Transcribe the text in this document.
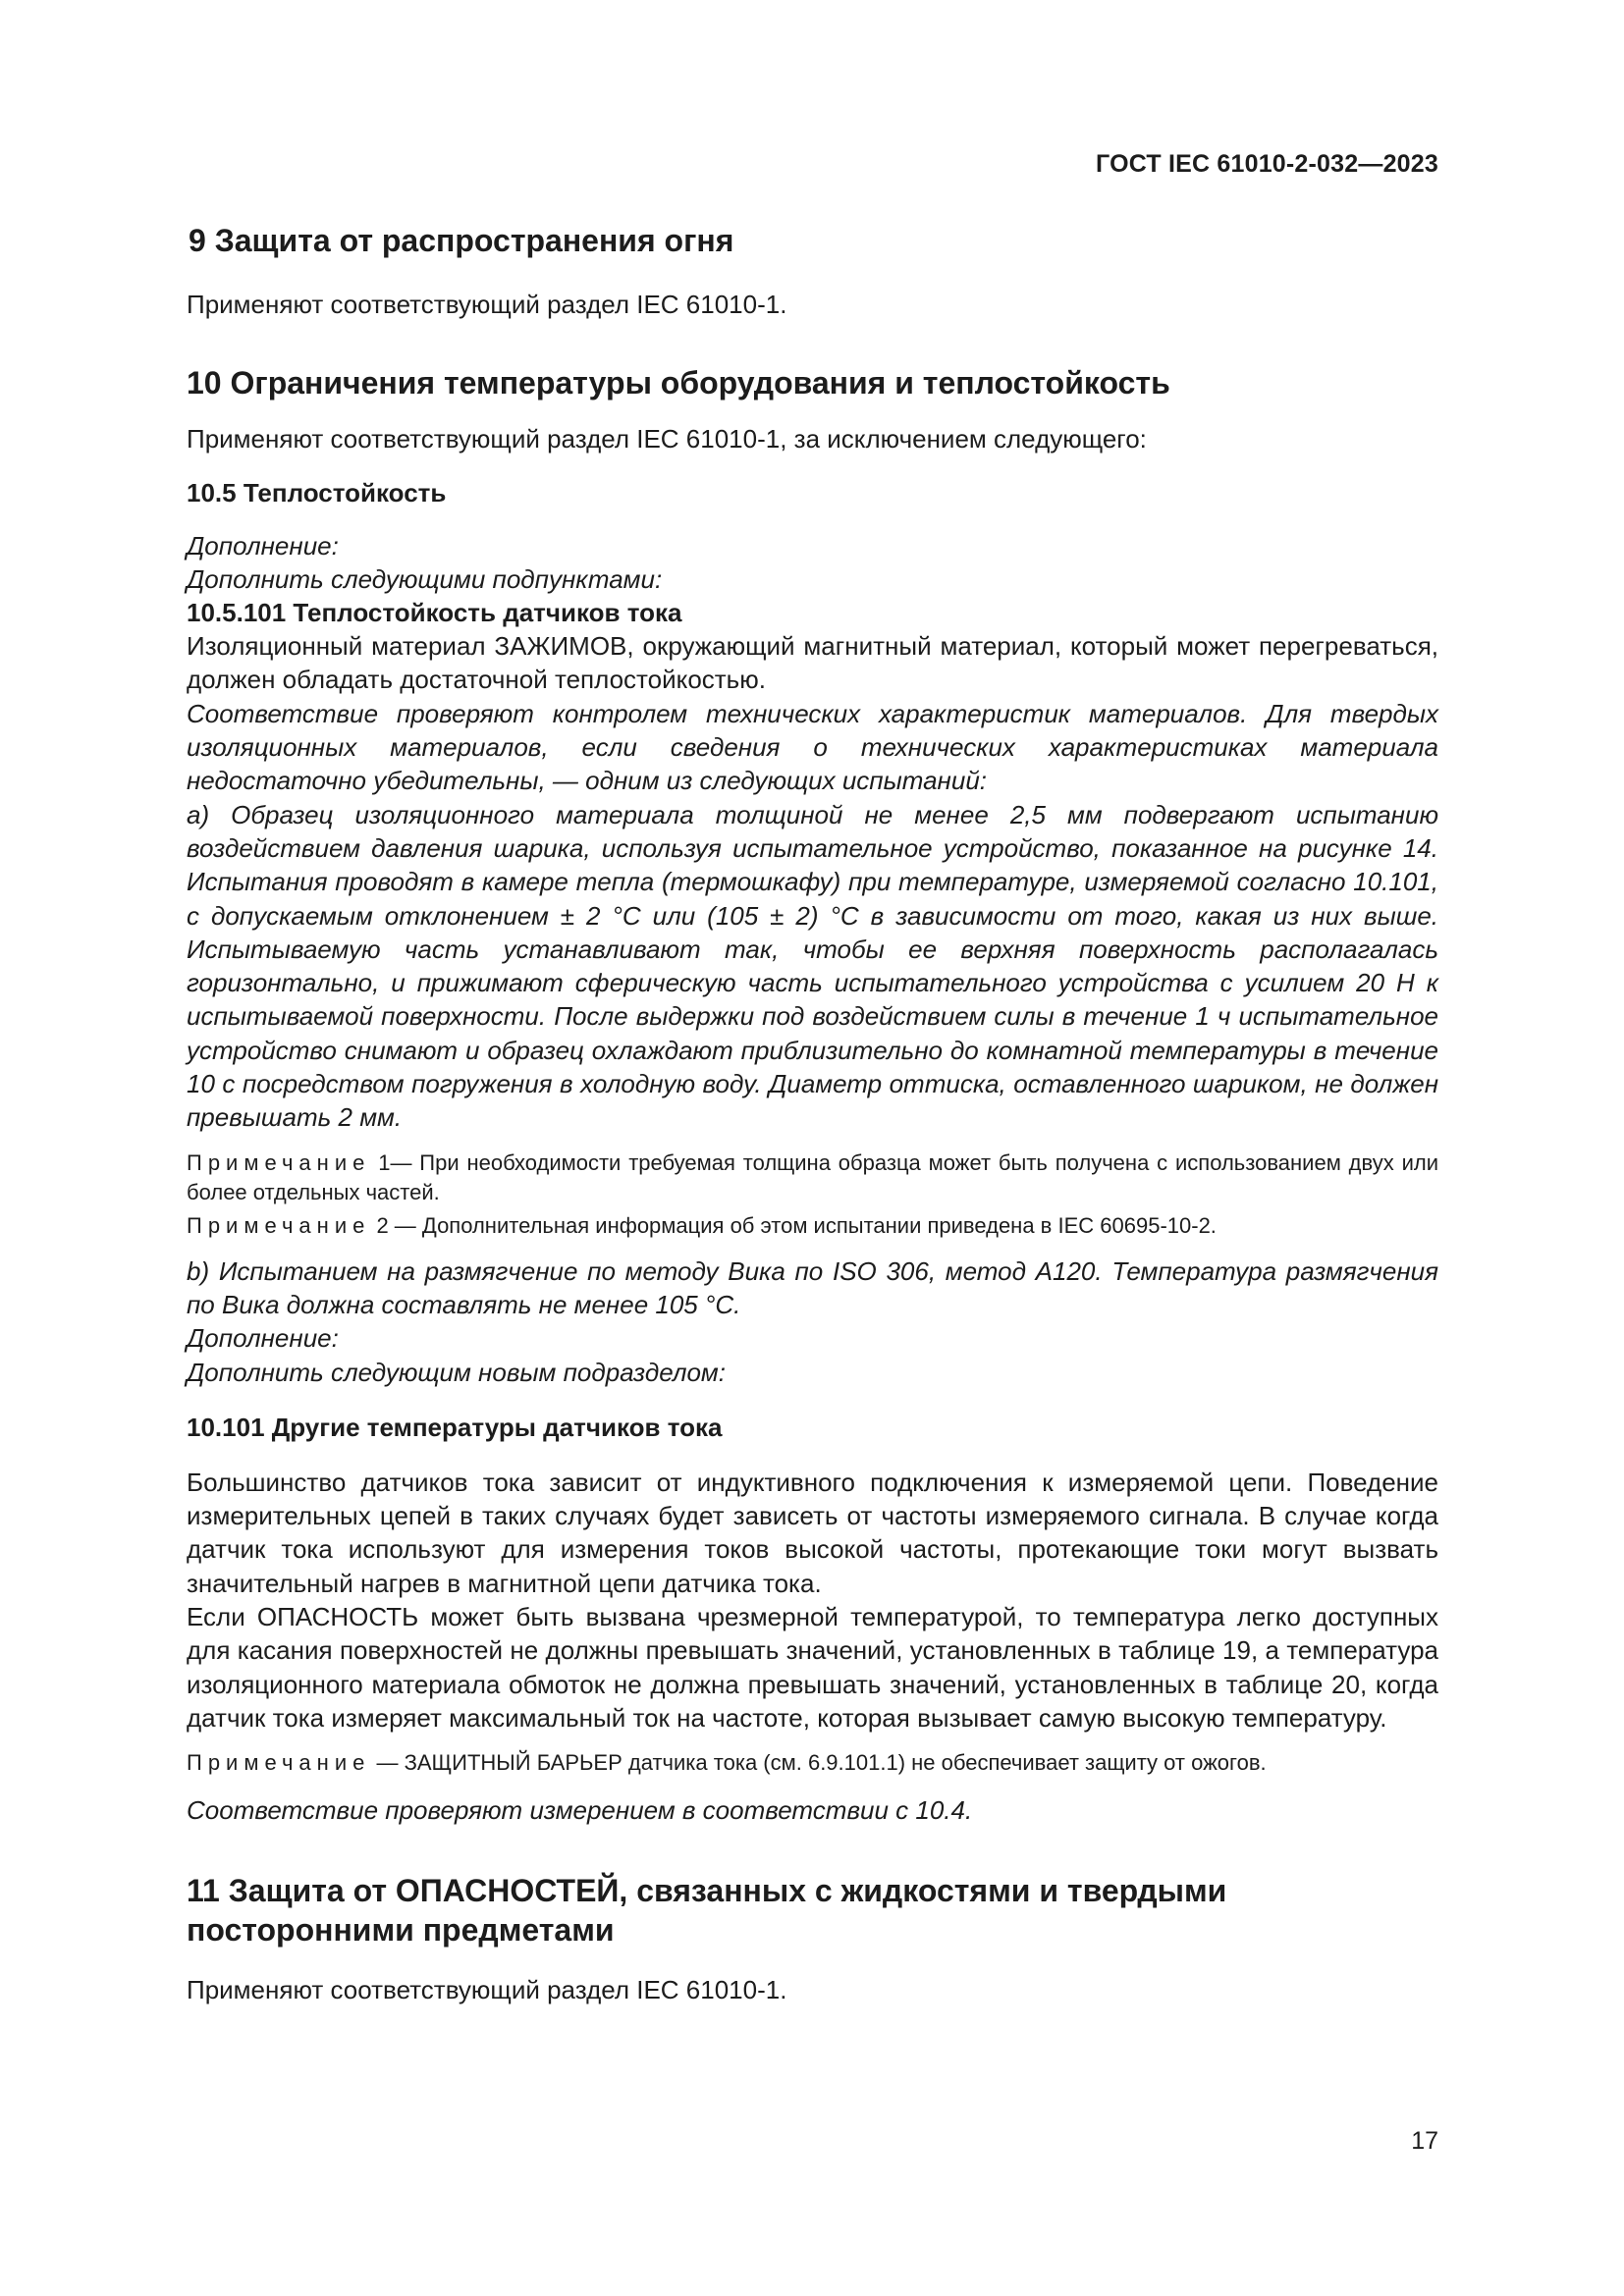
ГОСТ IEC 61010-2-032—2023
9 Защита от распространения огня
Применяют соответствующий раздел IEC 61010-1.
10 Ограничения температуры оборудования и теплостойкость
Применяют соответствующий раздел IEC 61010-1, за исключением следующего:
10.5 Теплостойкость
Дополнение:
Дополнить следующими подпунктами:
10.5.101 Теплостойкость датчиков тока
Изоляционный материал ЗАЖИМОВ, окружающий магнитный материал, который может перегреваться, должен обладать достаточной теплостойкостью.
Соответствие проверяют контролем технических характеристик материалов. Для твердых изоляционных материалов, если сведения о технических характеристиках материала недостаточно убедительны, — одним из следующих испытаний:
a) Образец изоляционного материала толщиной не менее 2,5 мм подвергают испытанию воздействием давления шарика, используя испытательное устройство, показанное на рисунке 14. Испытания проводят в камере тепла (термошкафу) при температуре, измеряемой согласно 10.101, с допускаемым отклонением ± 2 °C или (105 ± 2) °C в зависимости от того, какая из них выше. Испытываемую часть устанавливают так, чтобы ее верхняя поверхность располагалась горизонтально, и прижимают сферическую часть испытательного устройства с усилием 20 Н к испытываемой поверхности. После выдержки под воздействием силы в течение 1 ч испытательное устройство снимают и образец охлаждают приблизительно до комнатной температуры в течение 10 с посредством погружения в холодную воду. Диаметр оттиска, оставленного шариком, не должен превышать 2 мм.
Примечание 1— При необходимости требуемая толщина образца может быть получена с использованием двух или более отдельных частей.
Примечание 2 — Дополнительная информация об этом испытании приведена в IEC 60695-10-2.
b) Испытанием на размягчение по методу Вика по ISO 306, метод А120. Температура размягчения по Вика должна составлять не менее 105 °С.
Дополнение:
Дополнить следующим новым подразделом:
10.101 Другие температуры датчиков тока
Большинство датчиков тока зависит от индуктивного подключения к измеряемой цепи. Поведение измерительных цепей в таких случаях будет зависеть от частоты измеряемого сигнала. В случае когда датчик тока используют для измерения токов высокой частоты, протекающие токи могут вызвать значительный нагрев в магнитной цепи датчика тока.
Если ОПАСНОСТЬ может быть вызвана чрезмерной температурой, то температура легко доступных для касания поверхностей не должны превышать значений, установленных в таблице 19, а температура изоляционного материала обмоток не должна превышать значений, установленных в таблице 20, когда датчик тока измеряет максимальный ток на частоте, которая вызывает самую высокую температуру.
Примечание — ЗАЩИТНЫЙ БАРЬЕР датчика тока (см. 6.9.101.1) не обеспечивает защиту от ожогов.
Соответствие проверяют измерением в соответствии с 10.4.
11 Защита от ОПАСНОСТЕЙ, связанных с жидкостями и твердыми посторонними предметами
Применяют соответствующий раздел IEC 61010-1.
17
